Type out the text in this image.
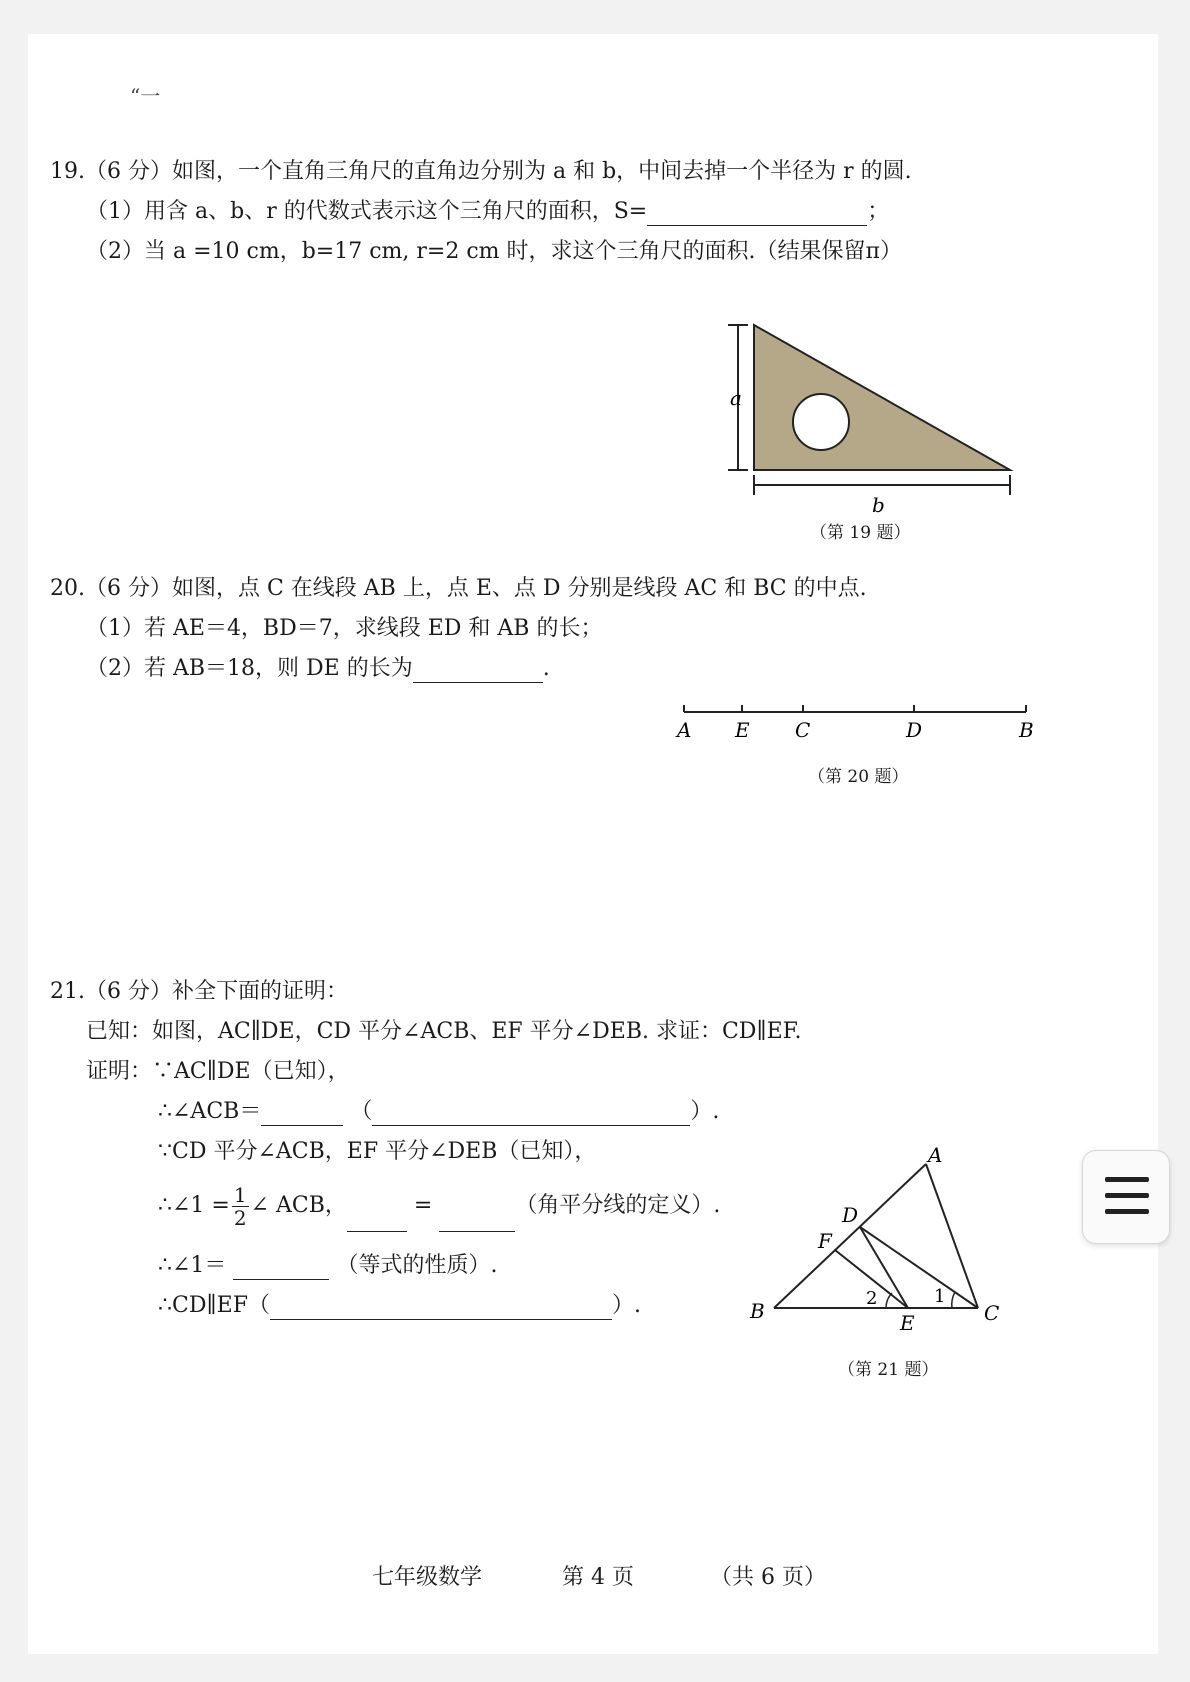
“一
19.（6 分）如图，一个直角三角尺的直角边分别为 a 和 b，中间去掉一个半径为 r 的圆.
（1）用含 a、b、r 的代数式表示这个三角尺的面积，S=	；
（2）当 a =10 cm，b=17 cm, r=2 cm 时，求这个三角尺的面积.（结果保留π）
a
b
（第 19 题）
20.（6 分）如图，点 C 在线段 AB 上，点 E、点 D 分别是线段 AC 和 BC 的中点.
（1）若 AE＝4，BD＝7，求线段 ED 和 AB 的长；
（2）若 AB＝18，则 DE 的长为	.
A E C	D	B
（第 20 题）
21.（6 分）补全下面的证明：
已知：如图，AC∥DE，CD 平分∠ACB、EF 平分∠DEB. 求证：CD∥EF.
证明：∵AC∥DE（已知），
∴∠ACB＝	（	）.
∵CD 平分∠ACB，EF 平分∠DEB（已知），
∴∠1 = $\frac{1}{2}$ ∠ ACB，	=	（角平分线的定义）.
∴∠1＝	（等式的性质）.
∴CD∥EF（	）.
A
B	C
D
E
F
1
2
（第 21 题）
七年级数学	第 4 页	（共 6 页）
